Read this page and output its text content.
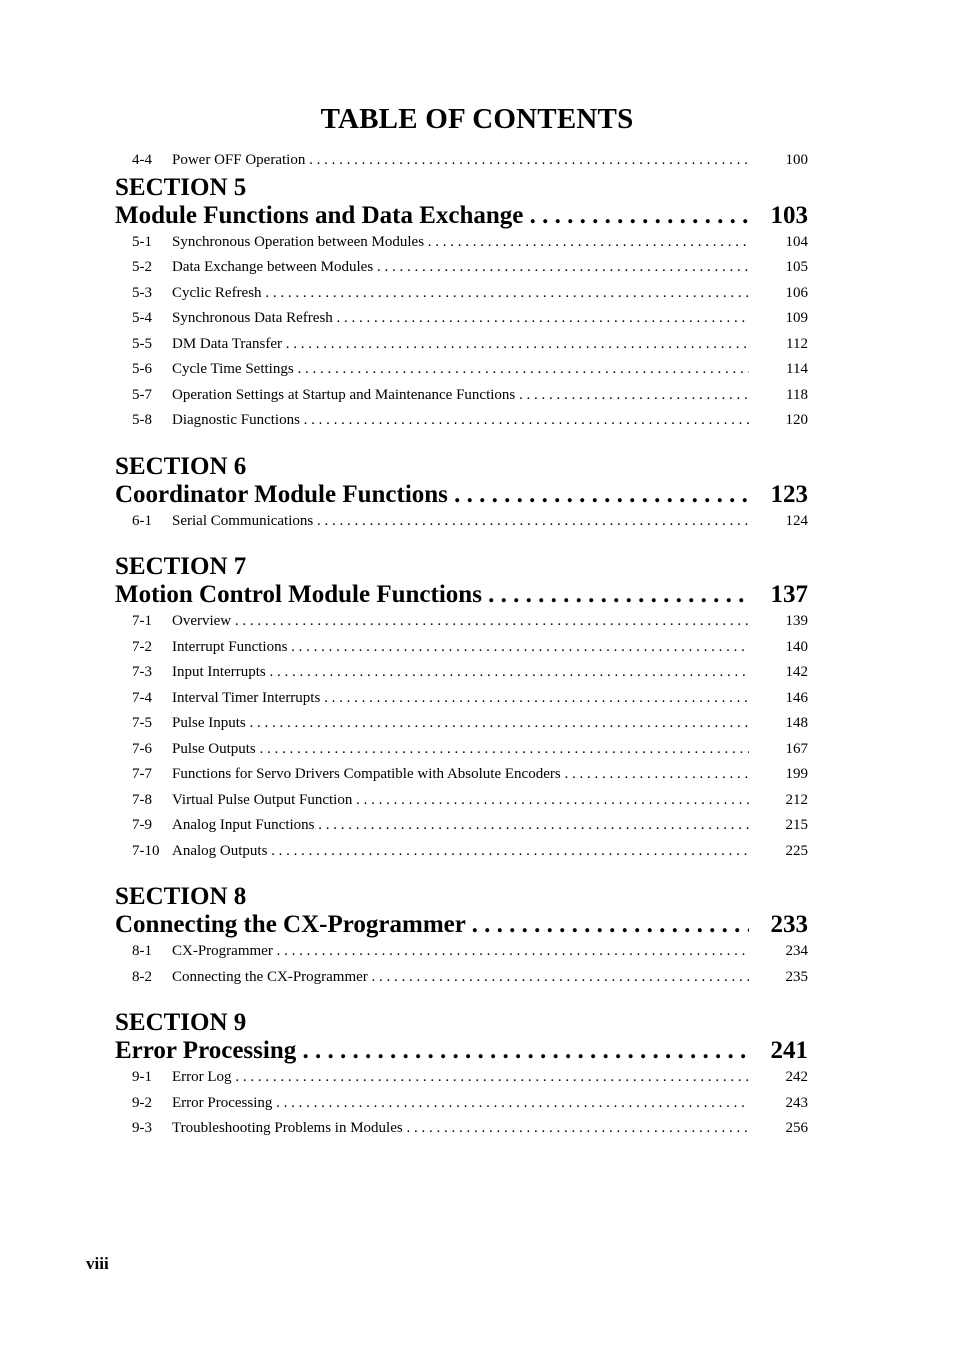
TABLE OF CONTENTS
4-4 Power OFF Operation . . .	100
SECTION 5
Module Functions and Data Exchange . . .	103
5-1 Synchronous Operation between Modules . . .	104
5-2 Data Exchange between Modules . . .	105
5-3 Cyclic Refresh . . .	106
5-4 Synchronous Data Refresh . . .	109
5-5 DM Data Transfer . . .	112
5-6 Cycle Time Settings . . .	114
5-7 Operation Settings at Startup and Maintenance Functions . . .	118
5-8 Diagnostic Functions . . .	120
SECTION 6
Coordinator Module Functions . . .	123
6-1 Serial Communications . . .	124
SECTION 7
Motion Control Module Functions . . .	137
7-1 Overview . . .	139
7-2 Interrupt Functions . . .	140
7-3 Input Interrupts . . .	142
7-4 Interval Timer Interrupts . . .	146
7-5 Pulse Inputs . . .	148
7-6 Pulse Outputs . . .	167
7-7 Functions for Servo Drivers Compatible with Absolute Encoders . . .	199
7-8 Virtual Pulse Output Function . . .	212
7-9 Analog Input Functions . . .	215
7-10 Analog Outputs . . .	225
SECTION 8
Connecting the CX-Programmer . . .	233
8-1 CX-Programmer . . .	234
8-2 Connecting the CX-Programmer . . .	235
SECTION 9
Error Processing . . .	241
9-1 Error Log . . .	242
9-2 Error Processing . . .	243
9-3 Troubleshooting Problems in Modules . . .	256
viii
